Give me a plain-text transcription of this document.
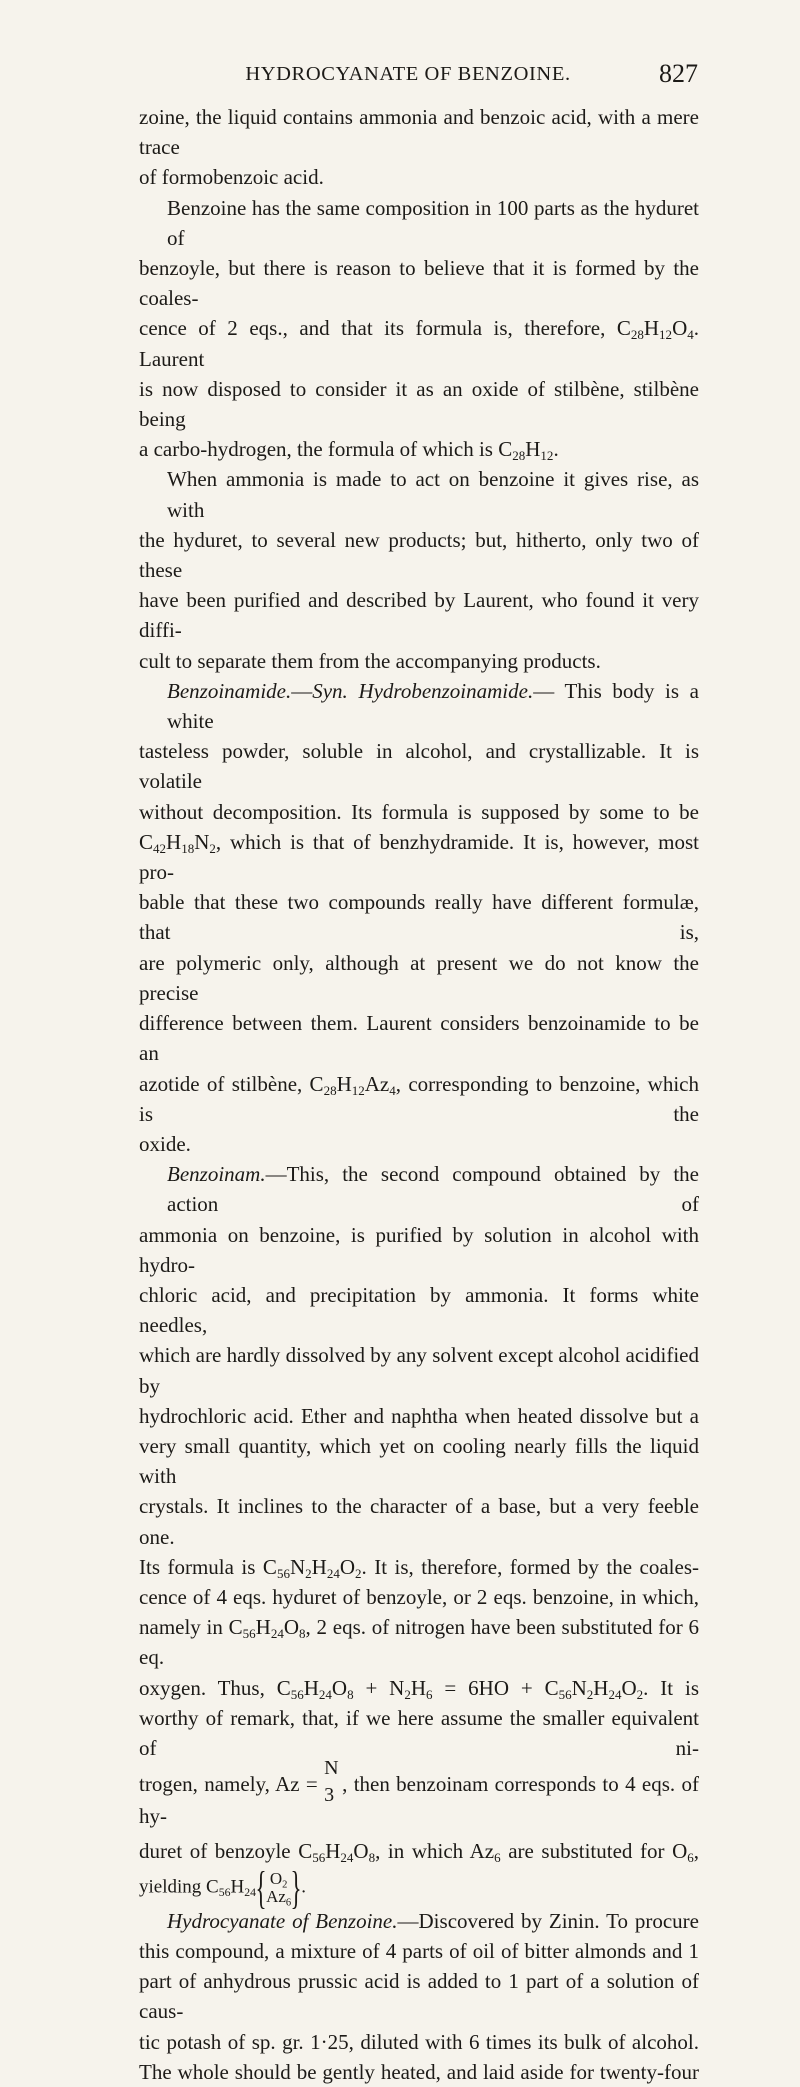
HYDROCYANATE OF BENZOINE.	827

zoine, the liquid contains ammonia and benzoic acid, with a mere trace
of formobenzoic acid.

Benzoine has the same composition in 100 parts as the hyduret of
benzoyle, but there is reason to believe that it is formed by the coales-
cence of 2 eqs., and that its formula is, therefore, $C_{28}H_{12}O_4$. Laurent
is now disposed to consider it as an oxide of stilbène, stilbène being
a carbo-hydrogen, the formula of which is $C_{28}H_{12}$.

When ammonia is made to act on benzoine it gives rise, as with
the hyduret, to several new products; but, hitherto, only two of these
have been purified and described by Laurent, who found it very diffi-
cult to separate them from the accompanying products.

Benzoinamide.—Syn. Hydrobenzoinamide.— This body is a white
tasteless powder, soluble in alcohol, and crystallizable. It is volatile
without decomposition. Its formula is supposed by some to be
$C_{42}H_{18}N_2$, which is that of benzhydramide. It is, however, most pro-
bable that these two compounds really have different formulæ, that is,
are polymeric only, although at present we do not know the precise
difference between them. Laurent considers benzoinamide to be an
azotide of stilbène, $C_{28}H_{12}Az_4$, corresponding to benzoine, which is the
oxide.

Benzoinam.—This, the second compound obtained by the action of
ammonia on benzoine, is purified by solution in alcohol with hydro-
chloric acid, and precipitation by ammonia. It forms white needles,
which are hardly dissolved by any solvent except alcohol acidified by
hydrochloric acid. Ether and naphtha when heated dissolve but a
very small quantity, which yet on cooling nearly fills the liquid with
crystals. It inclines to the character of a base, but a very feeble one.
Its formula is $C_{56}N_2H_{24}O_2$. It is, therefore, formed by the coales-
cence of 4 eqs. hyduret of benzoyle, or 2 eqs. benzoine, in which,
namely in $C_{56}H_{24}O_8$, 2 eqs. of nitrogen have been substituted for 6 eq.
oxygen. Thus, $C_{56}H_{24}O_8 + N_2H_6 = 6HO + C_{56}N_2H_{24}O_2$. It is
worthy of remark, that, if we here assume the smaller equivalent of ni-
trogen, namely, Az =
N
3 , then benzoinam corresponds to 4 eqs. of hy-
duret of benzoyle $C_{56}H_{24}O_8$, in which $Az_6$ are substituted for $O_6$,
yielding $C_{56}H_{24}$ { $O_2$
$Az_6$ } .

Hydrocyanate of Benzoine.—Discovered by Zinin. To procure
this compound, a mixture of 4 parts of oil of bitter almonds and 1
part of anhydrous prussic acid is added to 1 part of a solution of caus-
tic potash of sp. gr. 1·25, diluted with 6 times its bulk of alcohol.
The whole should be gently heated, and laid aside for twenty-four
